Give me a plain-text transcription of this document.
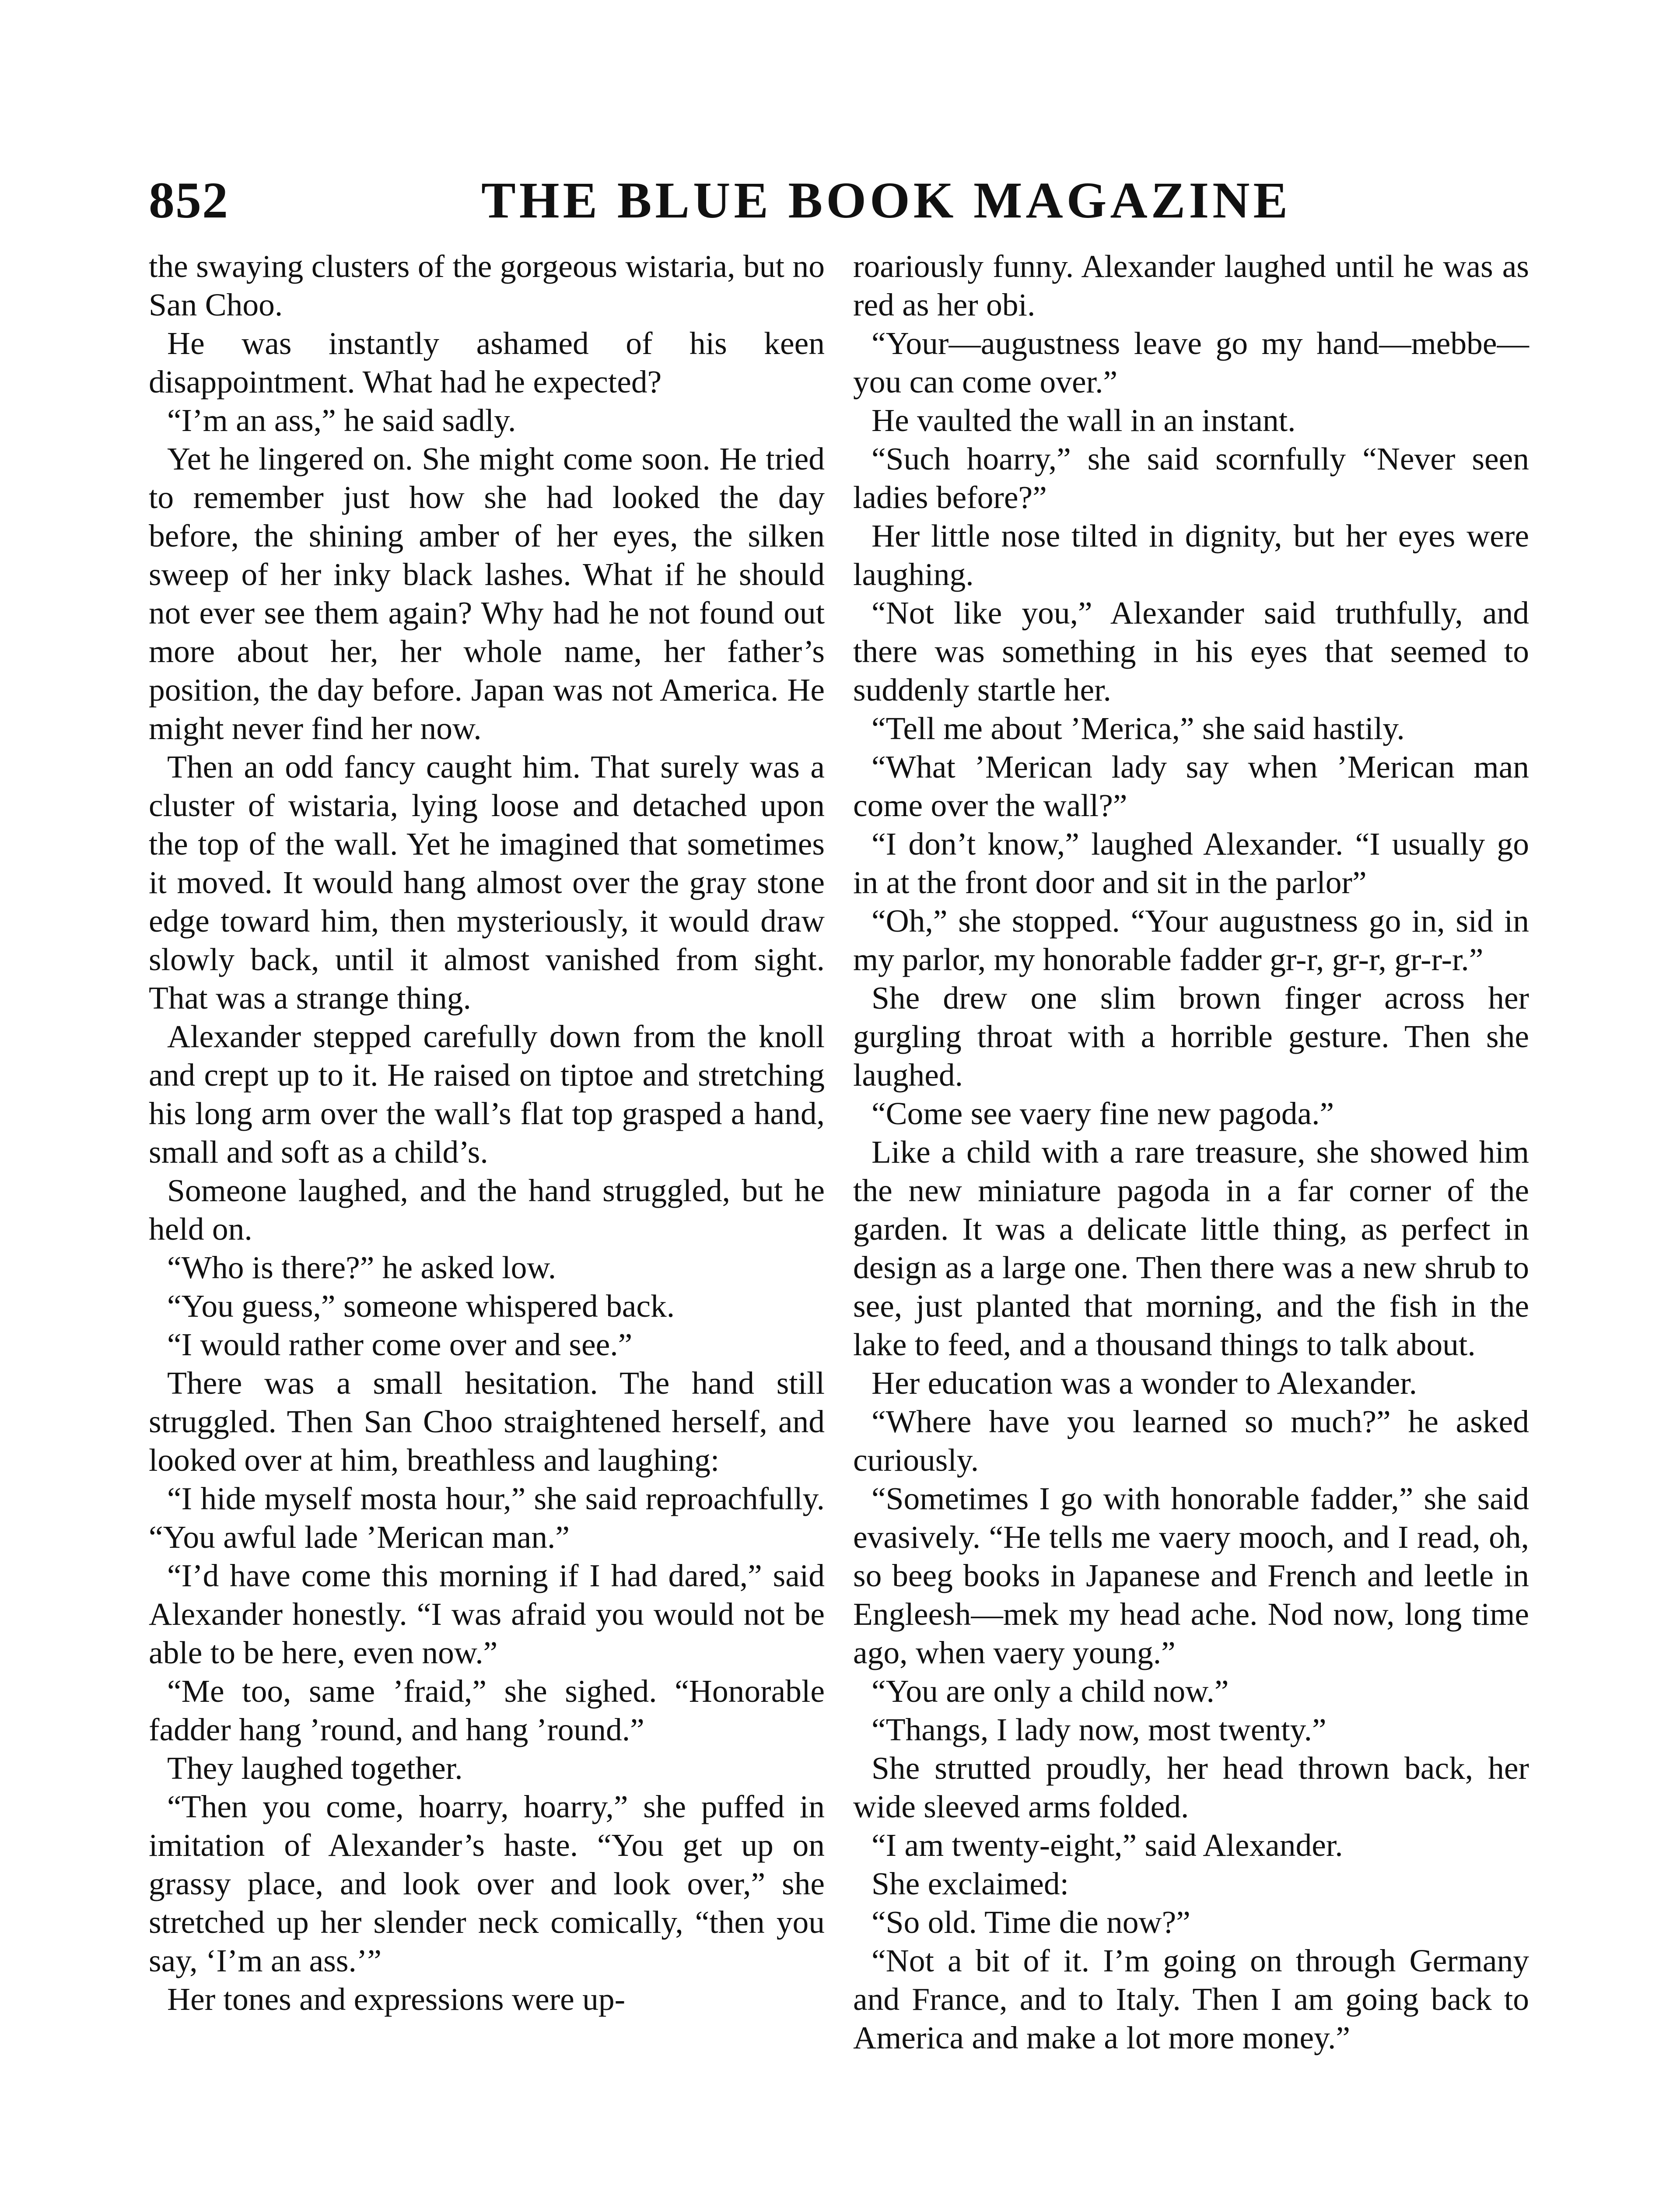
852	THE BLUE BOOK MAGAZINE

the swaying clusters of the gorgeous wistaria, but no San Choo.

He was instantly ashamed of his keen disappointment. What had he expected?

“I’m an ass,” he said sadly.

Yet he lingered on. She might come soon. He tried to remember just how she had looked the day before, the shining amber of her eyes, the silken sweep of her inky black lashes. What if he should not ever see them again? Why had he not found out more about her, her whole name, her father’s position, the day before. Japan was not America. He might never find her now.

Then an odd fancy caught him. That surely was a cluster of wistaria, lying loose and detached upon the top of the wall. Yet he imagined that sometimes it moved. It would hang almost over the gray stone edge toward him, then mysteriously, it would draw slowly back, until it almost vanished from sight. That was a strange thing.

Alexander stepped carefully down from the knoll and crept up to it. He raised on tiptoe and stretching his long arm over the wall’s flat top grasped a hand, small and soft as a child’s.

Someone laughed, and the hand struggled, but he held on.

“Who is there?” he asked low.

“You guess,” someone whispered back.

“I would rather come over and see.”

There was a small hesitation. The hand still struggled. Then San Choo straightened herself, and looked over at him, breathless and laughing:

“I hide myself mosta hour,” she said reproachfully. “You awful lade ’Merican man.”

“I’d have come this morning if I had dared,” said Alexander honestly. “I was afraid you would not be able to be here, even now.”

“Me too, same ’fraid,” she sighed. “Honorable fadder hang ’round, and hang ’round.”

They laughed together.

“Then you come, hoarry, hoarry,” she puffed in imitation of Alexander’s haste. “You get up on grassy place, and look over and look over,” she stretched up her slender neck comically, “then you say, ‘I’m an ass.’”

Her tones and expressions were up-

roariously funny. Alexander laughed until he was as red as her obi.

“Your—augustness leave go my hand—mebbe—you can come over.”

He vaulted the wall in an instant.

“Such hoarry,” she said scornfully “Never seen ladies before?”

Her little nose tilted in dignity, but her eyes were laughing.

“Not like you,” Alexander said truthfully, and there was something in his eyes that seemed to suddenly startle her.

“Tell me about ’Merica,” she said hastily.

“What ’Merican lady say when ’Merican man come over the wall?”

“I don’t know,” laughed Alexander. “I usually go in at the front door and sit in the parlor”

“Oh,” she stopped. “Your augustness go in, sid in my parlor, my honorable fadder gr-r, gr-r, gr-r-r.”

She drew one slim brown finger across her gurgling throat with a horrible gesture. Then she laughed.

“Come see vaery fine new pagoda.”

Like a child with a rare treasure, she showed him the new miniature pagoda in a far corner of the garden. It was a delicate little thing, as perfect in design as a large one. Then there was a new shrub to see, just planted that morning, and the fish in the lake to feed, and a thousand things to talk about.

Her education was a wonder to Alexander.

“Where have you learned so much?” he asked curiously.

“Sometimes I go with honorable fadder,” she said evasively. “He tells me vaery mooch, and I read, oh, so beeg books in Japanese and French and leetle in Engleesh—mek my head ache. Nod now, long time ago, when vaery young.”

“You are only a child now.”

“Thangs, I lady now, most twenty.”

She strutted proudly, her head thrown back, her wide sleeved arms folded.

“I am twenty-eight,” said Alexander.

She exclaimed:

“So old. Time die now?”

“Not a bit of it. I’m going on through Germany and France, and to Italy. Then I am going back to America and make a lot more money.”
